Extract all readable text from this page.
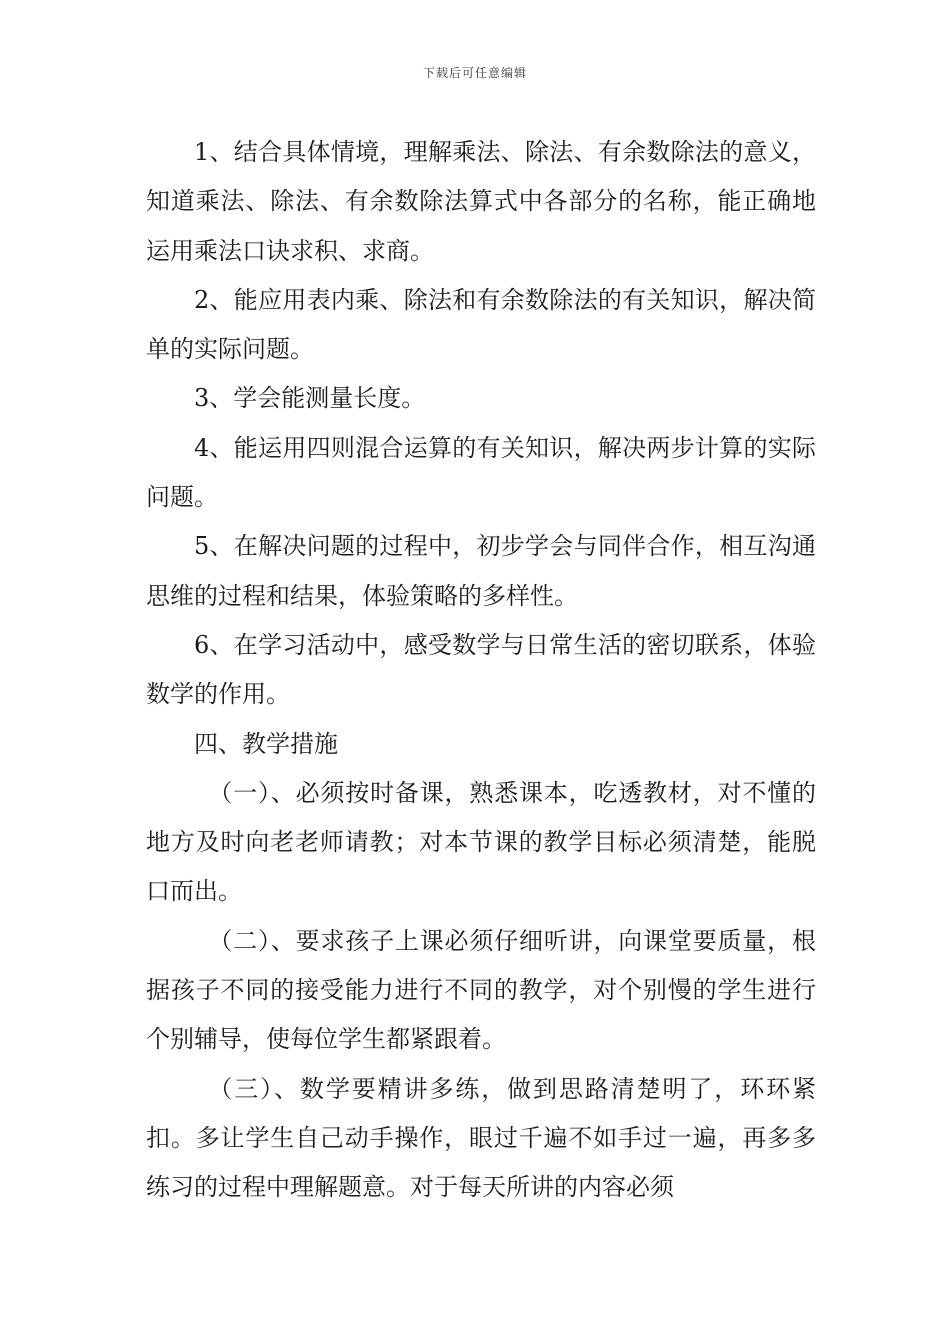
下载后可任意编辑

1、结合具体情境，理解乘法、除法、有余数除法的意义，知道乘法、除法、有余数除法算式中各部分的名称，能正确地运用乘法口诀求积、求商。

2、能应用表内乘、除法和有余数除法的有关知识，解决简单的实际问题。

3、学会能测量长度。

4、能运用四则混合运算的有关知识，解决两步计算的实际问题。

5、在解决问题的过程中，初步学会与同伴合作，相互沟通思维的过程和结果，体验策略的多样性。

6、在学习活动中，感受数学与日常生活的密切联系，体验数学的作用。

四、教学措施

（一）、必须按时备课，熟悉课本，吃透教材，对不懂的地方及时向老老师请教；对本节课的教学目标必须清楚，能脱口而出。

（二）、要求孩子上课必须仔细听讲，向课堂要质量，根据孩子不同的接受能力进行不同的教学，对个别慢的学生进行个别辅导，使每位学生都紧跟着。

（三）、数学要精讲多练，做到思路清楚明了，环环紧扣。多让学生自己动手操作，眼过千遍不如手过一遍，再多多练习的过程中理解题意。对于每天所讲的内容必须
